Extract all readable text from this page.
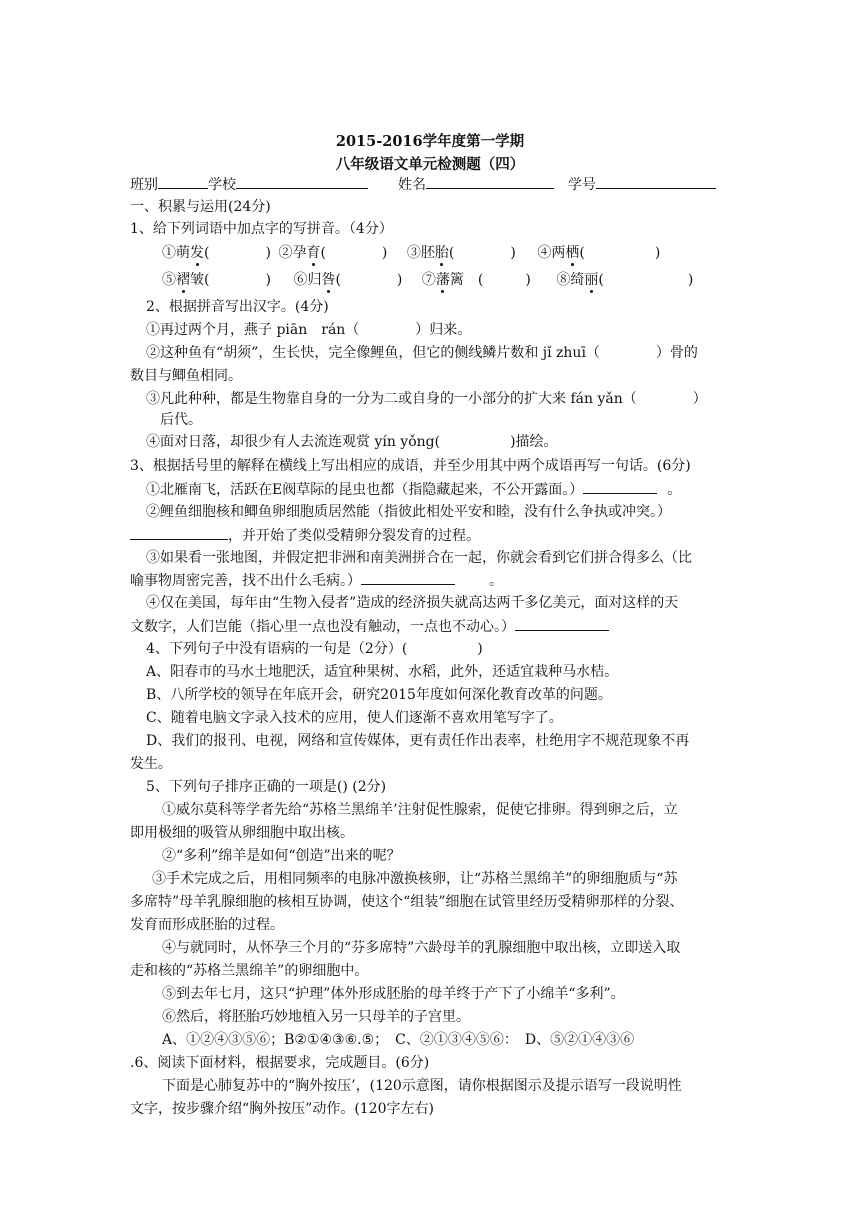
2015-2016学年度第一学期
八年级语文单元检测题（四）
班别	学校	姓名	学号
一、积累与运用(24分)
1、给下列词语中加点字的写拼音。（4分）
①萌发(　　　　) ②孕育(　　　　) ③胚胎(　　　　) ④两栖(　　　　　)
⑤褶皱(　　　　) ⑥归咎(　　　　) ⑦藩篱　(　　　) ⑧绮丽(　　　　　　)
2、根据拼音写出汉字。(4分)
①再过两个月，燕子 piān　rán（　　　　）归来。
②这种鱼有“胡须”，生长快，完全像鲤鱼，但它的侧线鳞片数和 jǐ zhuī（　　　　）骨的
数目与鲫鱼相同。
③凡此种种，都是生物靠自身的一分为二或自身的一小部分的扩大来 fán yǎn（　　　　）
后代。
④面对日落，却很少有人去流连观赏 yín yǒng(　　　　　)描绘。
3、根据括号里的解释在横线上写出相应的成语，并至少用其中两个成语再写一句话。(6分)
①北雁南飞，活跃在E阀草际的昆虫也都（指隐藏起来，不公开露面。）	。
②鲤鱼细胞核和鲫鱼卵细胞质居然能（指彼此相处平安和睦，没有什么争执或冲突。）
，并开始了类似受精卵分裂发育的过程。
③如果看一张地图，并假定把非洲和南美洲拼合在一起，你就会看到它们拼合得多么（比
喻事物周密完善，找不出什么毛病。）	。
④仅在美国，每年由“生物入侵者”造成的经济损失就高达两千多亿美元，面对这样的天
文数字，人们岂能（指心里一点也没有触动，一点也不动心。）
4、下列句子中没有语病的一句是（2分）(　　　　　)
A、阳春市的马水土地肥沃，适宜种果树、水稻，此外，还适宜栽种马水桔。
B、八所学校的领导在年底开会，研究2015年度如何深化教育改革的问题。
C、随着电脑文字录入技术的应用，使人们逐渐不喜欢用笔写字了。
D、我们的报刊、电视，网络和宣传媒体，更有责任作出表率，杜绝用字不规范现象不再
发生。
5、下列句子排序正确的一项是() (2分)
①威尔莫科等学者先给“苏格兰黑绵羊’注射促性腺索，促使它排卵。得到卵之后，立
即用极细的吸管从卵细胞中取出核。
②“多利”绵羊是如何“创造”出来的呢？
③手术完成之后，用相同频率的电脉冲激换核卵，让“苏格兰黑绵羊”的卵细胞质与“苏
多席特”母羊乳腺细胞的核相互协调，使这个“组装”细胞在试管里经历受精卵那样的分裂、
发育而形成胚胎的过程。
④与就同时，从怀孕三个月的“芬多席特”六龄母羊的乳腺细胞中取出核，立即送入取
走和核的“苏格兰黑绵羊”的卵细胞中。
⑤到去年七月，这只“护理”体外形成胚胎的母羊终于产下了小绵羊“多利”。
⑥然后，将胚胎巧妙地植入另一只母羊的子宫里。
A、①②④③⑤⑥；B②①④③⑥.⑤；　C、②①③④⑤⑥：　D、⑤②①④③⑥
.6、阅读下面材料，根据要求，完成题目。(6分)
下面是心肺复苏中的“胸外按压’，(120示意图，请你根据图示及提示语写一段说明性
文字，按步骤介绍“胸外按压”动作。(120字左右)
